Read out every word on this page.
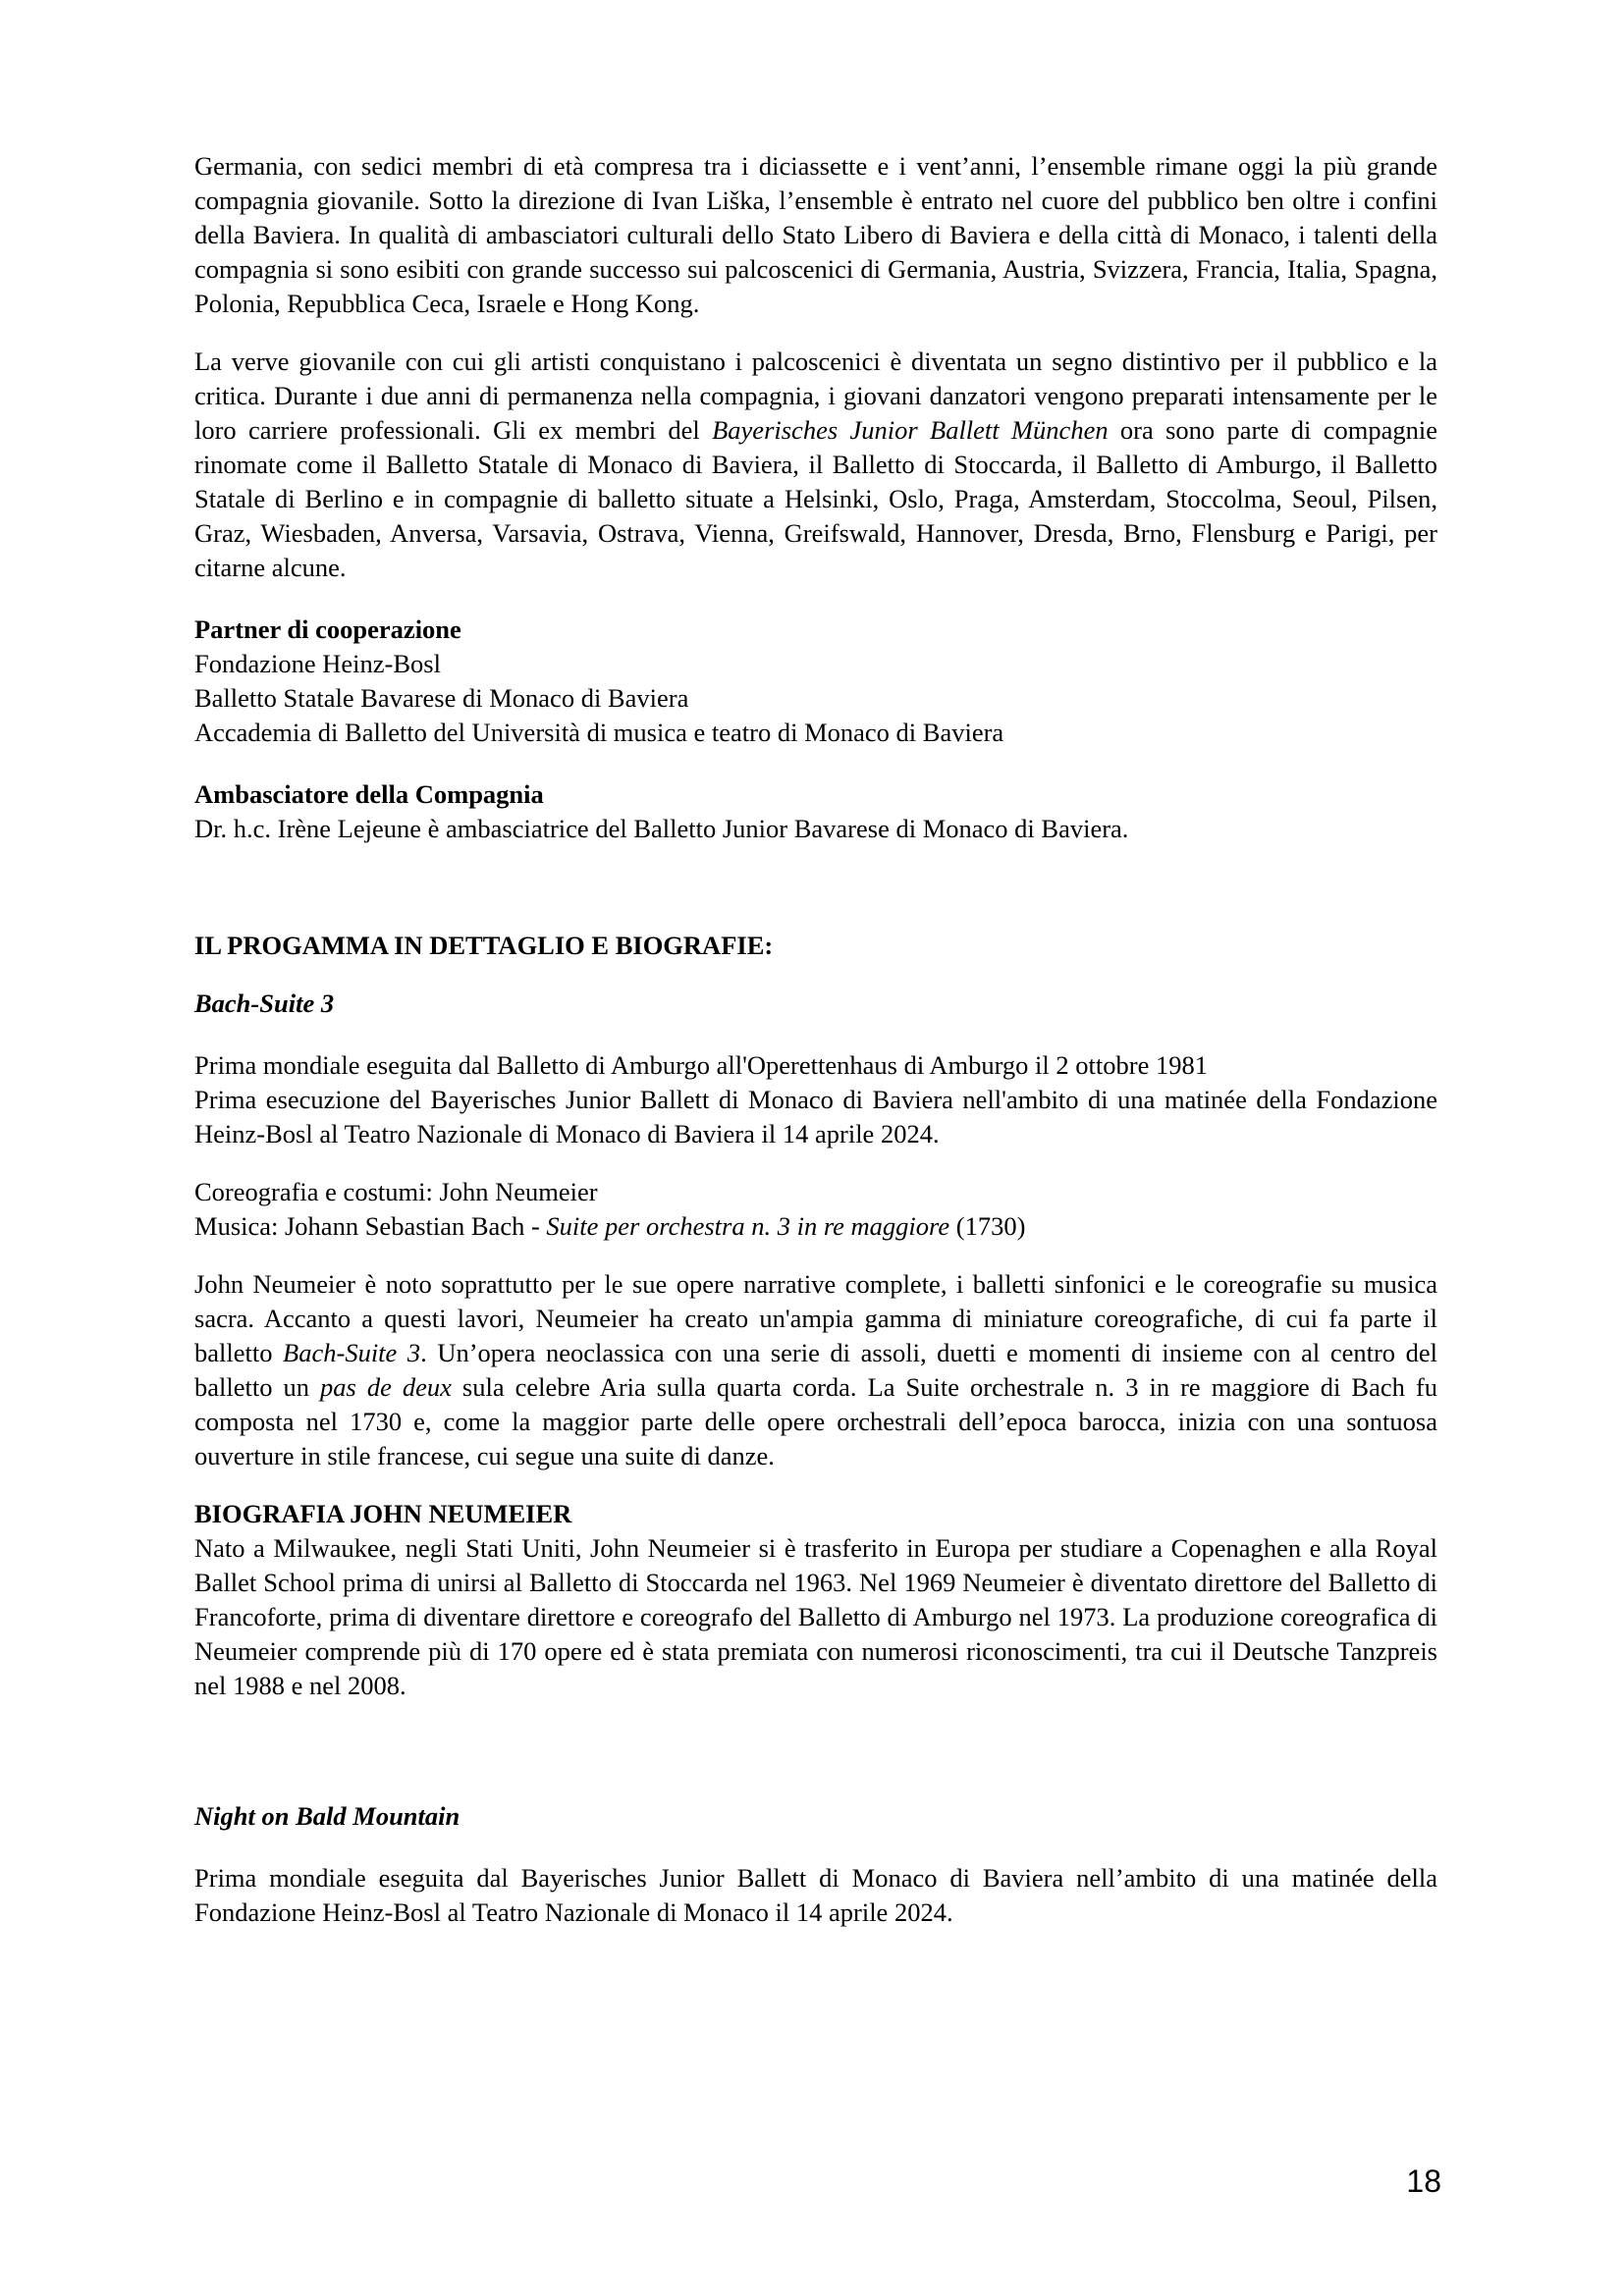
Germania, con sedici membri di età compresa tra i diciassette e i vent’anni, l’ensemble rimane oggi la più grande compagnia giovanile. Sotto la direzione di Ivan Liška, l’ensemble è entrato nel cuore del pubblico ben oltre i confini della Baviera. In qualità di ambasciatori culturali dello Stato Libero di Baviera e della città di Monaco, i talenti della compagnia si sono esibiti con grande successo sui palcoscenici di Germania, Austria, Svizzera, Francia, Italia, Spagna, Polonia, Repubblica Ceca, Israele e Hong Kong.

La verve giovanile con cui gli artisti conquistano i palcoscenici è diventata un segno distintivo per il pubblico e la critica. Durante i due anni di permanenza nella compagnia, i giovani danzatori vengono preparati intensamente per le loro carriere professionali. Gli ex membri del Bayerisches Junior Ballett München ora sono parte di compagnie rinomate come il Balletto Statale di Monaco di Baviera, il Balletto di Stoccarda, il Balletto di Amburgo, il Balletto Statale di Berlino e in compagnie di balletto situate a Helsinki, Oslo, Praga, Amsterdam, Stoccolma, Seoul, Pilsen, Graz, Wiesbaden, Anversa, Varsavia, Ostrava, Vienna, Greifswald, Hannover, Dresda, Brno, Flensburg e Parigi, per citarne alcune.

Partner di cooperazione

Fondazione Heinz-Bosl

Balletto Statale Bavarese di Monaco di Baviera

Accademia di Balletto del Università di musica e teatro di Monaco di Baviera

Ambasciatore della Compagnia

Dr. h.c. Irène Lejeune è ambasciatrice del Balletto Junior Bavarese di Monaco di Baviera.

IL PROGAMMA IN DETTAGLIO E BIOGRAFIE:

Bach-Suite 3

Prima mondiale eseguita dal Balletto di Amburgo all'Operettenhaus di Amburgo il 2 ottobre 1981

Prima esecuzione del Bayerisches Junior Ballett di Monaco di Baviera nell'ambito di una matinée della Fondazione Heinz-Bosl al Teatro Nazionale di Monaco di Baviera il 14 aprile 2024.

Coreografia e costumi: John Neumeier

Musica: Johann Sebastian Bach - Suite per orchestra n. 3 in re maggiore (1730)

John Neumeier è noto soprattutto per le sue opere narrative complete, i balletti sinfonici e le coreografie su musica sacra. Accanto a questi lavori, Neumeier ha creato un'ampia gamma di miniature coreografiche, di cui fa parte il balletto Bach-Suite 3. Un’opera neoclassica con una serie di assoli, duetti e momenti di insieme con al centro del balletto un pas de deux sula celebre Aria sulla quarta corda. La Suite orchestrale n. 3 in re maggiore di Bach fu composta nel 1730 e, come la maggior parte delle opere orchestrali dell’epoca barocca, inizia con una sontuosa ouverture in stile francese, cui segue una suite di danze.

BIOGRAFIA JOHN NEUMEIER

Nato a Milwaukee, negli Stati Uniti, John Neumeier si è trasferito in Europa per studiare a Copenaghen e alla Royal Ballet School prima di unirsi al Balletto di Stoccarda nel 1963. Nel 1969 Neumeier è diventato direttore del Balletto di Francoforte, prima di diventare direttore e coreografo del Balletto di Amburgo nel 1973. La produzione coreografica di Neumeier comprende più di 170 opere ed è stata premiata con numerosi riconoscimenti, tra cui il Deutsche Tanzpreis nel 1988 e nel 2008.

Night on Bald Mountain

Prima mondiale eseguita dal Bayerisches Junior Ballett di Monaco di Baviera nell’ambito di una matinée della Fondazione Heinz-Bosl al Teatro Nazionale di Monaco il 14 aprile 2024.

18
